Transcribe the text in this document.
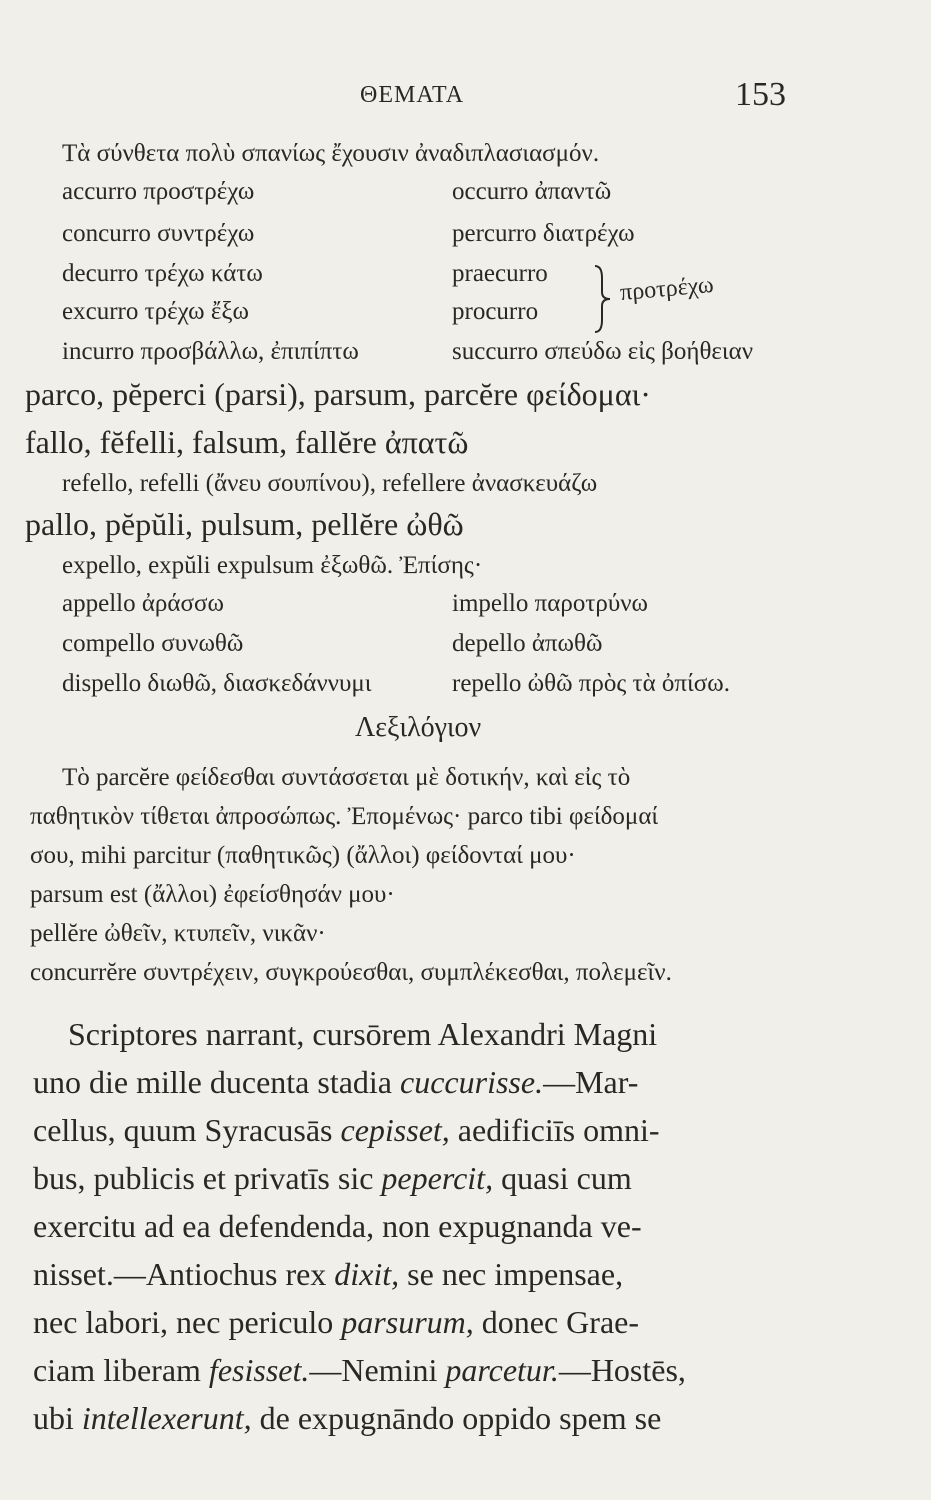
ΘΕΜΑΤΑ	153
Τὰ σύνθετα πολὺ σπανίως ἔχουσιν ἀναδιπλασιασμόν.
accurro προστρέχω
concurro συντρέχω
decurro τρέχω κάτω
excurro τρέχω ἔξω
incurro προσβάλλω, ἐπιπίπτω
occurro ἀπαντῶ
percurro διατρέχω
praecurro
procurro
succurro σπεύδω εἰς βοήθειαν
προτρέχω
parco, pĕperci (parsi), parsum, parcĕre φείδομαι·
fallo, fĕfelli, falsum, fallĕre ἀπατῶ
refello, refelli (ἄνευ σουπίνου), refellere ἀνασκευάζω
pallo, pĕpŭli, pulsum, pellĕre ὠθῶ
expello, expŭli expulsum ἐξωθῶ. Ἐπίσης·
appello ἀράσσω
compello συνωθῶ
dispello διωθῶ, διασκεδάννυμι
impello παροτρύνω
depello ἀπωθῶ
repello ὠθῶ πρὸς τὰ ὀπίσω.
Λεξιλόγιον
Τὸ parcĕre φείδεσθαι συντάσσεται μὲ δοτικήν, καὶ εἰς τὸ
παθητικὸν τίθεται ἀπροσώπως. Ἐπομένως· parco tibi φείδομαί
σου, mihi parcitur (παθητικῶς) (ἄλλοι) φείδονταί μου·
parsum est (ἄλλοι) ἐφείσθησάν μου·
pellĕre ὠθεῖν, κτυπεῖν, νικᾶν·
concurrĕre συντρέχειν, συγκρούεσθαι, συμπλέκεσθαι, πολεμεῖν.
Scriptores narrant, cursōrem Alexandri Magni
uno die mille ducenta stadia cuccurisse.—Mar-
cellus, quum Syracusās cepisset, aedificiīs omni-
bus, publicis et privatīs sic pepercit, quasi cum
exercitu ad ea defendenda, non expugnanda ve-
nisset.—Antiochus rex dixit, se nec impensae,
nec labori, nec periculo parsurum, donec Grae-
ciam liberam fesisset.—Nemini parcetur.—Hostēs,
ubi intellexerunt, de expugnāndo oppido spem se
